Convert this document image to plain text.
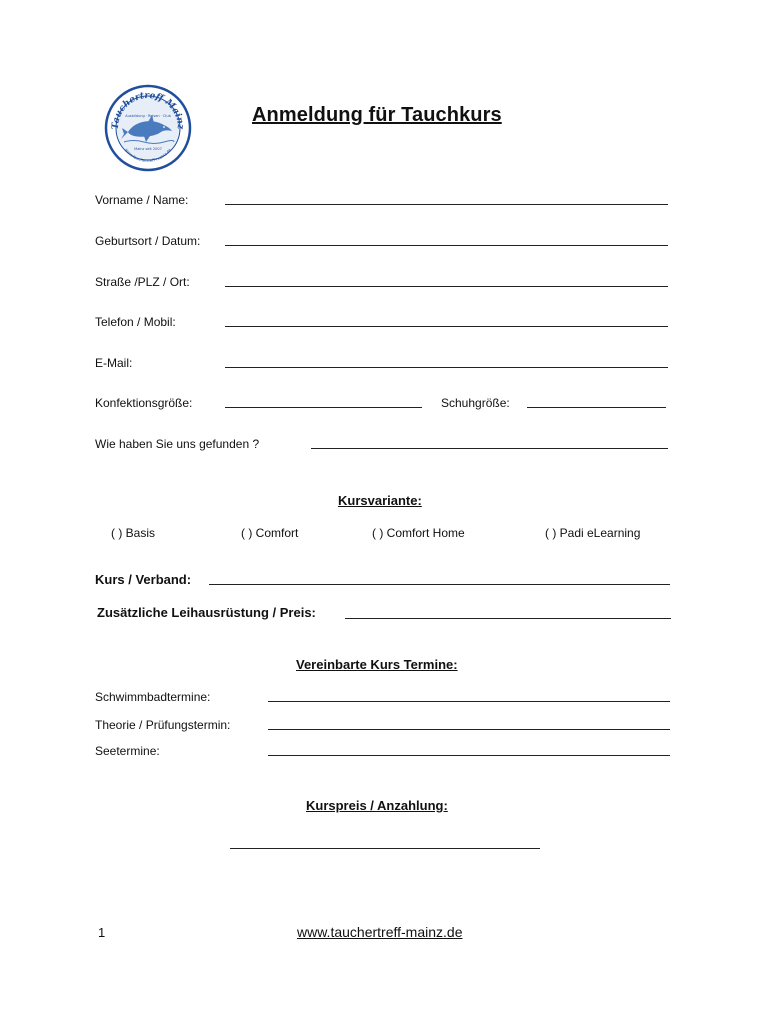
Tauchertreff Mainz
www.tauchertreff-mainz.de
Ausbildung · Reisen · Club
Mainz seit 2007
Anmeldung für Tauchkurs
Vorname / Name:
Geburtsort / Datum:
Straße /PLZ / Ort:
Telefon / Mobil:
E-Mail:
Konfektionsgröße:	Schuhgröße:
Wie haben Sie uns gefunden ?
Kursvariante:
( ) Basis	( ) Comfort	( ) Comfort Home	( ) Padi eLearning
Kurs / Verband:
Zusätzliche Leihausrüstung / Preis:
Vereinbarte Kurs Termine:
Schwimmbadtermine:
Theorie / Prüfungstermin:
Seetermine:
Kurspreis / Anzahlung:
1	www.tauchertreff-mainz.de
